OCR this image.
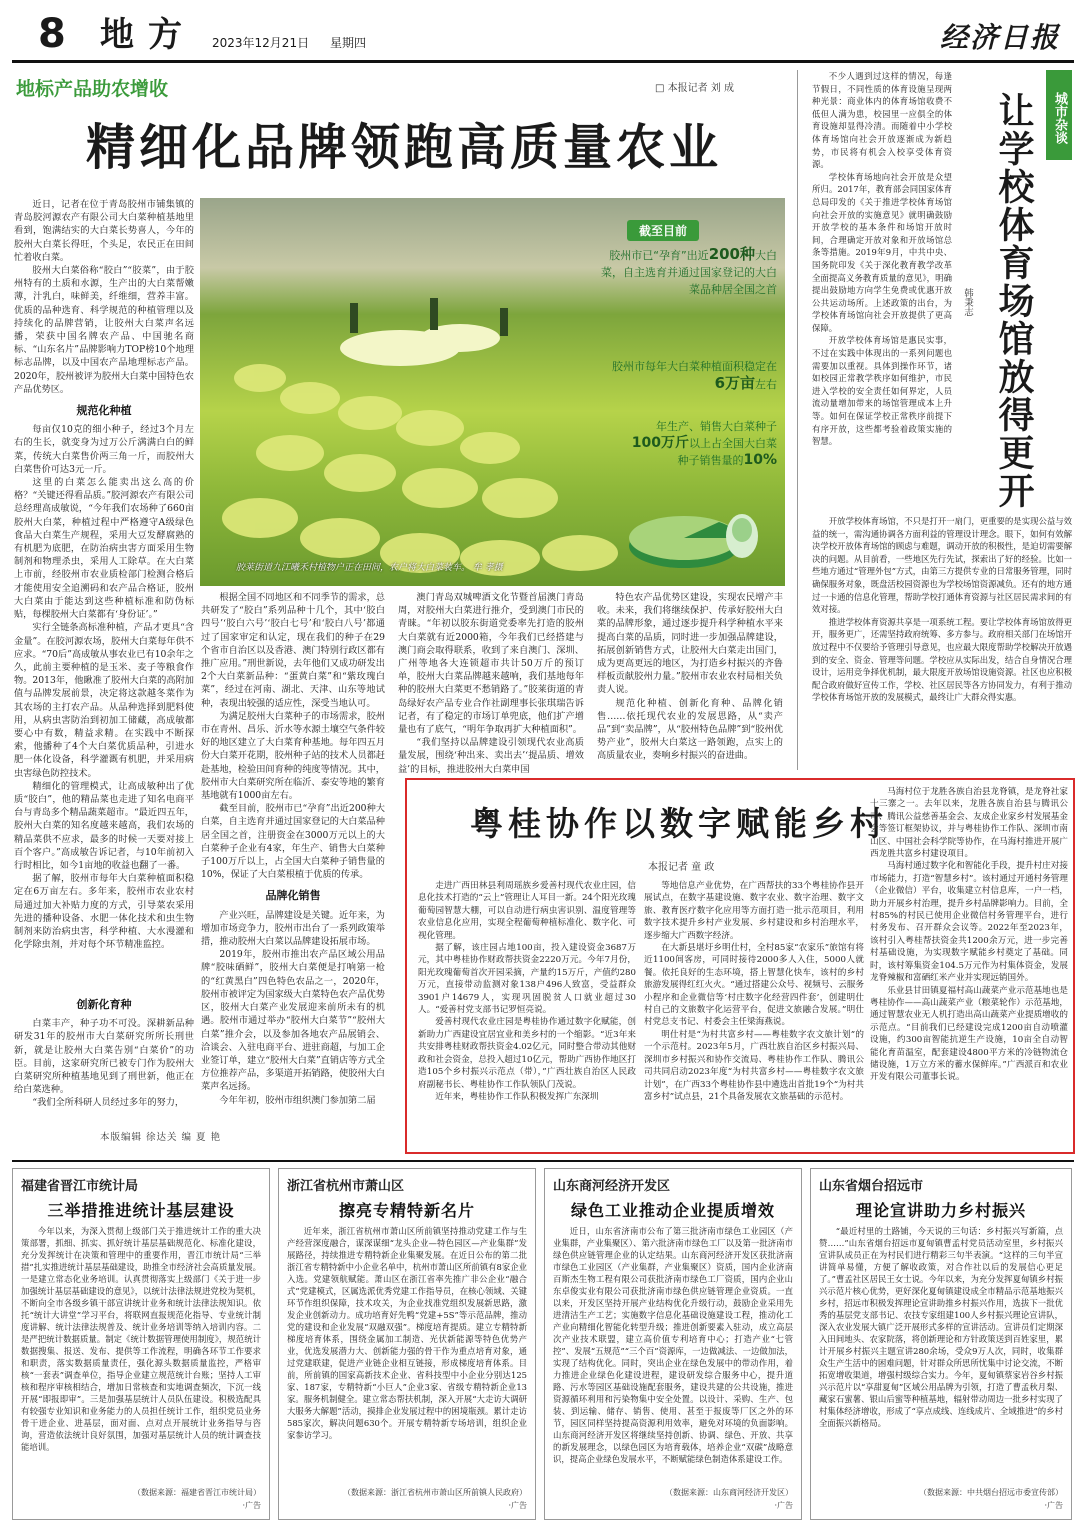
8 地方 2023年12月21日 星期四	经济日报
地标产品助农增收	□ 本报记者 刘 成
精细化品牌领跑高质量农业

近日，记者在位于青岛胶州市铺集镇的青岛胶河源农产有限公司大白菜种植基地里看到，饱满结实的大白菜长势喜人，今年的胶州大白菜长得旺，个头足，农民正在田间忙着收白菜。

胶州大白菜俗称“胶白”“胶菜”，由于胶州特有的土质和水源，生产出的大白菜帮嫩薄，汁乳白，味鲜美，纤维细，营养丰富。优质的品种选育、科学规范的种植管理以及持续化的品牌营销，让胶州大白菜声名远播，荣获中国名牌农产品、中国驰名商标、“山东名片”品牌影响力TOP榜10个地理标志品牌，以及中国农产品地理标志产品。2020年，胶州被评为胶州大白菜中国特色农产品优势区。

规范化种植

每亩仅10克的细小种子，经过3个月左右的生长，就变身为过万公斤满满白白的鲜菜，传统大白菜售价两三角一斤，而胶州大白菜售价可达3元一斤。

这里的白菜怎么能卖出这么高的价格？“关键还得看品质。”胶河源农产有限公司总经理高成敏说，“今年我们农场种了660亩胶州大白菜，种植过程中严格遵守A级绿色食品大白菜生产规程，采用大豆发酵腐熟的有机肥为底肥，在防治病虫害方面采用生物制剂和物理杀虫，采用人工除草。在大白菜上市前，经胶州市农业质检部门检测合格后才能使用安全追溯码和农产品合格证，胶州大白菜由于能达到这些种植标准和防伪标贴，每棵胶州大白菜都有‘身份证’。”

实行全链条高标准种植，产品才更具“含金量”。在胶河源农场，胶州大白菜每年供不应求。“70后”高成敏从事农业已有10余年之久，此前主要种植的是玉米、麦子等粮食作物。2013年，他瞅准了胶州大白菜的高附加值与品牌发展前景，决定将这款越冬菜作为其农场的主打农产品。从品种选择到肥料使用，从病虫害防治到初加工储藏，高成敏都要心中有数，精益求精。在实践中不断探索，他播种了4个大白菜优质品种，引进水肥一体化设备，科学灌溉有机肥，并采用病虫害绿色防控技术。

精细化的管理模式，让高成敏种出了优质“胶白”，他的精品菜也走进了知名电商平台与青岛多个精品蔬菜超市。“最近四五年，胶州大白菜的知名度越来越高，我们农场的精品菜供不应求，最多的时候一天要对接上百个客户。”高成敏告诉记者，与10年前初入行时相比，如今1亩地的收益也翻了一番。

据了解，胶州市每年大白菜种植面积稳定在6万亩左右。多年来，胶州市农业农村局通过加大补贴力度的方式，引导菜农采用先进的播种设备、水肥一体化技术和虫生物制剂来防治病虫害，科学种植、大水漫灌和化学除虫剂，并对每个环节精准监控。

创新化育种

白菜丰产，种子功不可没。深耕新品种研发31年的胶州市大白菜研究所所长刑世新，就是让胶州大白菜告别“白菜价”的功臣。目前，这家研究所已被专门作为胶州大白菜研究所种植基地见到了刑世新，他正在给白菜选种。

“我们全所科研人员经过多年的努力，

截至目前
胶州市已“孕育”出近200种大白菜，自主选育并通过国家登记的大白菜品种居全国之首
胶州市每年大白菜种植面积稳定在6万亩左右
年生产、销售大白菜种子100万斤以上占全国大白菜种子销售量的10%
胶莱街道九江曦禾村植物户正在田间，农户将大白菜装车。 牟 孝摄

根据全国不同地区和不同季节的需求，总共研发了“胶白”系列品种十几个，其中‘胶白四号’‘胶白六号’‘胶白七号’和‘胶白八号’都通过了国家审定和认定，现在我们的种子在29个省市自治区以及香港、澳门特别行政区都有推广应用。”刑世新说，去年他们又成功研发出2个大白菜新品种：“蛋黄白菜”和“紫玫瑰白菜”，经过在河南、湖北、天津、山东等地试种，表现出较强的适应性，深受当地认可。

为满足胶州大白菜种子的市场需求，胶州市在青州、昌乐、沂水等水源土壤空气条件较好的地区建立了大白菜育种基地。每年四五月份大白菜开花期，胶州种子站的技术人员都赶赴基地，检验田间育种的纯度等情况。其中，胶州市大白菜研究所在临沂、泰安等地的繁育基地就有1000亩左右。

截至目前，胶州市已“孕育”出近200种大白菜，自主选育并通过国家登记的大白菜品种居全国之首，注册资金在3000万元以上的大白菜种子企业有4家，年生产、销售大白菜种子100万斤以上，占全国大白菜种子销售量的10%，保证了大白菜根植于优质的传承。

品牌化销售

产业兴旺，品牌建设是关键。近年来，为增加市场竞争力，胶州市出台了一系列政策举措，推动胶州大白菜以品牌建设拓展市场。

2019年，胶州市推出农产品区域公用品牌“胶味硒鲜”，胶州大白菜便是打响第一枪的“红黄黑白”四色特色农品之一，2020年，胶州市被评定为国家级大白菜特色农产品优势区，胶州大白菜产业发展迎来前所未有的机遇。胶州市通过举办“胶州大白菜节”“胶州大白菜”推介会，以及参加各地农产品展销会、洽谈会、入驻电商平台、进驻商超，与加工企业签订单，建立“胶州大白菜”直销店等方式全方位推荐产品，多渠道开拓销路，使胶州大白菜声名远扬。

今年年初，胶州市组织澳门参加第二届

澳门青岛双城啤酒文化节暨首届澳门青岛周，对胶州大白菜进行推介，受到澳门市民的青睐。“年初以胶东街道党委率先打造的胶州大白菜就有近2000箱，今年我们已经搭建与澳门商会取得联系，收到了来自澳门、深圳、广州等地各大连锁超市共计50万斤的预订单，胶州大白菜品牌越来越响，我们基地每年种的胶州大白菜更不愁销路了。”胶莱街道的青岛绿好农产品专业合作社副理事长张琪瑞告诉记者，有了稳定的市场订单兜底，他们扩产增量也有了底气，“明年争取再扩大种植面积”。

“我们坚持以品牌建设引领现代农业高质量发展，围绕‘种出来、卖出去’‘提品质、增效益’的目标，推进胶州大白菜申国

特色农产品优势区建设，实现农民增产丰收。未来，我们将继续保护、传承好胶州大白菜的品牌形象，通过逐步提升科学种植水平来提高白菜的品质，同时进一步加强品牌建设，拓展创新销售方式，让胶州大白菜走出国门，成为更高更远的地区，为打造乡村振兴的齐鲁样板贡献胶州力量。”胶州市农业农村局相关负责人说。

规范化种植、创新化育种、品牌化销售……依托现代农业的发展思路，从“卖产品”到“卖品牌”，从“胶州特色品牌”到“胶州优势产业”，胶州大白菜这一路领跑，点实上的高质量农业，奏响乡村振兴的奋进曲。

本版编辑 徐达关 编 夏 艳
城市杂谈
让学校体育场馆放得更开
韩秉志

不少人遇到过这样的情况，每逢节假日，不同性质的体育设施呈现两种光景：商业体内的体育场馆收费不低但人满为患，校园里一应俱全的体育设施却显得冷清。而随着中小学校体育场馆向社会开放逐渐成为新趋势，市民将有机会入校享受体育资源。

学校体育场地向社会开放是众望所归。2017年，教育部会同国家体育总局印发的《关于推进学校体育场馆向社会开放的实施意见》就明确鼓励开放学校的基本条件和场馆开放时间，合理确定开放对象和开放场馆总条等措施。2019年9月，中共中央、国务院印发《关于深化教育教学改革全面提高义务教育质量的意见》，明确提出鼓励地方向学生免费或优惠开放公共运动场所。上述政策的出台，为学校体育场馆向社会开放提供了更高保障。

开放学校体育场馆是惠民实事，不过在实践中体现出的一系列问题也需要加以重视。具体到操作环节，诸如校园正常教学秩序如何维护，市民进入学校的安全责任如何界定，人员流动量增加带来的场馆管理成本上升等。如何在保证学校正常秩序前提下有序开放，这些都考验着政策实施的智慧。

开放学校体育场馆，不只是打开一扇门，更重要的是实现公益与效益的统一，需沟通协调各方面利益的管理设计理念。眼下，如何有效解决学校开放体育场馆的顾虑与难题，调动开放的积极性，是迫切需要解决的问题。从目前看，一些地区先行先试，探索出了好的经验。比如一些地方通过“管理外包”方式，由第三方提供专业的日常服务管理，同时确保服务对象，既盘活校园资源也为学校场馆资源减负。还有的地方通过一卡通的信息化管理，帮助学校打通体育资源与社区居民需求间的有效对接。

推进学校体育资源共享是一项系统工程。要让学校体育场馆放得更开，服务更广，还需坚持政府统筹、多方参与。政府相关部门在场馆开放过程中不仅要给予管理引导意见，也应最大限度帮助学校解决开放遇到的安全、资金、管理等问题。学校应从实际出发，结合自身情况合理设计，运用竞争择优机制，最大限度开放场馆设施资源。社区也应积极配合政府做好宣传工作，学校、社区居民等各方协同发力，有利于推动学校体育场馆开放的发展模式，最终让广大群众得实惠。

粤桂协作以数字赋能乡村
本报记者 童 政

马海村位于龙胜各族自治县龙脊镇，是龙脊社家十三寨之一。去年以来，龙胜各族自治县与腾讯公司、腾讯公益慈善基金会、友成企业家乡村发展基金会等签订框架协议，并与粤桂协作工作队、深圳市南山区、中国社会科学院等协作，在马海村推进开展广西龙胜共富乡村建设项目。

马海村通过数字化和智能化手段，提升村庄对接市场能力，打造“智慧乡村”。该村通过开通村务管理（企业微信）平台，收集建立村信息库，一户一档，助力开展乡村治理，提升乡村品牌影响力。目前，全村85%的村民已使用企业微信村务管理平台，进行村务发布、召开群众会议等。2022年至2023年，该村引入粤桂帮扶资金共1200余万元，进一步完善村基础设施，为实现数字赋能乡村奠定了基础。同时，该村筹集资金104.5万元作为村集体资金，发展龙脊辣椒和富硒红米产业并实现远销国外。

乐业县甘田镇夏福村高山蔬菜产业示范基地也是粤桂协作——高山蔬菜产业（粮菜轮作）示范基地，通过智慧农业无人机打造出高山蔬菜产业提质增收的示范点。“目前我们已经建设完成1200亩自动喷灌设施，约300亩智能抗逆生产设施，10亩全自动智能化育苗温室，配套建设4800平方米的冷链物流仓储设施，1万立方米的蓄水保鲜库。”广西派百和农业开发有限公司董事长说。

走进广西田林县利周瑶族乡爱善村现代农业庄园，信息化技术打造的“云上”管理让人耳目一新。24个阳光玫瑰葡萄园智慧大棚，可以自动进行病虫害识别、温度管理等农业信息化应用，实现全程葡萄种植标准化、数字化、可视化管理。

据了解，该庄园占地100亩，投入建设资金3687万元，其中粤桂协作财政帮扶资金2220万元。今年7月份，阳光玫瑰葡萄首次开园采摘，产量约15万斤，产值约280万元，直接带动监测对象138户496人致富，受益群众3901户14679人，实现巩固脱贫人口就业超过30人。“爱善村党支部书记罗恒亮说。

爱善村现代农业庄园是粤桂协作通过数字化赋能，创新助力广西建设宜居宜业和美乡村的一个缩影。“近3年来共安排粤桂财政帮扶资金4.02亿元，同时整合带动其他财政和社会资金，总投入超过10亿元，帮助广西协作地区打造105个乡村振兴示范点（带），”广西壮族自治区人民政府副秘书长、粤桂协作工作队领队门茂说。

近年来，粤桂协作工作队积极发挥广东深圳

等地信息产业优势，在广西帮扶的33个粤桂协作县开展试点，在数字基建设施、数字农业、数字治理、数字文旅、教育医疗数字化应用等方面打造一批示范项目，利用数字技术提升乡村产业发展、乡村建设和乡村治理水平，逐步缩大广西数字经济。

在大新县堪圩乡明仕村，全村85家“农家乐”旅馆有将近1100间客房，可同时接待2000多人入住，5000人就餐。依托良好的生态环境，搭上智慧化快车，该村的乡村旅游发展得红红火火。“通过搭建公众号、视频号、云服务小程序和企业微信等‘村庄数字化经营四件套’，创建明仕村自己的文旅数字化运营平台，促进文旅融合发展。”明仕村党总支书记、村委会主任梁海燕说。

明仕村是“为村共富乡村——粤桂数字农文旅计划”的一个示范村。2023年5月，广西壮族自治区乡村振兴局、深圳市乡村振兴和协作交流局、粤桂协作工作队、腾讯公司共同启动2023年度“为村共富乡村——粤桂数字农文旅计划”，在广西33个粤桂协作县中遴选出首批19个“为村共富乡村”试点县，21个具备发展农文旅基础的示范村。

福建省晋江市统计局
三举措推进统计基层建设
今年以来，为深入贯彻上级部门关于推进统计工作的重大决策部署，抓细、抓实、抓好统计基层基础规范化、标准化建设，充分发挥统计在决策和管理中的重要作用，晋江市统计局“三举措”扎实推进统计基层基础建设，助推全市经济社会高质量发展。一是建立常态化业务培训。认真贯彻落实上级部门《关于进一步加强统计基层基础建设的意见》，以统计法律法规进党校为契机，不断向全市各级乡镇干部宣讲统计业务和统计法律法规知识。依托“统计大讲堂”学习平台，将联网直报规范化指导、专业统计制度讲解、统计法律法规普及、统计业务培训等纳入培训内容。二是严把统计数据质量。制定《统计数据管理使用制度》，规范统计数据搜集、报送、发布、提供等工作流程，明确各环节工作要求和职责，落实数据质量责任，强化源头数据质量监控，严格审核“一套表”调查单位，指导企业建立规范统计台账；坚持人工审核和程序审核相结合，增加日常核查和实地调查频次，下沉一线开展“即报即审”。三是加强基层统计人员队伍建设。积极选配具有较强专业知识和业务能力的人员担任统计工作，组织党员业务骨干进企业、进基层，面对面、点对点开展统计业务指导与咨询，营造依法统计良好氛围，加强对基层统计人员的统计调查技能培训。
（数据来源：福建省晋江市统计局）
·广告
浙江省杭州市萧山区
擦亮专精特新名片
近年来，浙江省杭州市萧山区所前镇坚持推动党建工作与生产经营深度融合，谋深谋细“龙头企业—特色园区—产业集群”发展路径，持续推进专精特新企业集聚发展。在近日公布的第二批浙江省专精特新中小企业名单中，杭州市萧山区所前镇有8家企业入选。党建领航赋能。萧山区在浙江省率先推广非公企业“融合式”党建模式，区属选派优秀党建工作指导员，在核心领域、关键环节作组织保障，技术攻关，为企业找准党组织发展新思路，激发企业创新动力。成功培育好先鸭“党建+5S”等示范品牌，推动党的建设和企业发展“双融双强”。梯度培育提质。建立专精特新梯度培育体系，围绕金属加工制造、光伏新能源等特色优势产业，优选发展潜力大、创新能力强的骨干作为重点培育对象，通过党建联建，促进产业链企业相互链接，形成梯度培育体系。目前，所前镇的国家高新技术企业、省科技型中小企业分别达125家、187家，专精特新“小巨人”企业3家、省级专精特新企业13家。服务机制健全。建立常态帮扶机制，深入开展“大走访大调研大服务大解题”活动，摸排企业发展过程中的困境瓶颈。累计走访585家次，解决问题630个。开展专精特新专场培训，组织企业家参访学习。
（数据来源：浙江省杭州市萧山区所前镇人民政府）
·广告
山东商河经济开发区
绿色工业推动企业提质增效
近日，山东省济南市公布了第三批济南市绿色工业园区（产业集群，产业集聚区）、第六批济南市绿色工厂以及第一批济南市绿色供应链管理企业的认定结果。山东商河经济开发区获批济南市绿色工业园区（产业集群，产业集聚区）资质，国内企业济南百斯杰生物工程有限公司获批济南市绿色工厂资质，国内企业山东卓俊实业有限公司获批济南市绿色供应链管理企业资质。一直以来，开发区坚持开展产业结构优化升级行动，鼓励企业采用先进清洁生产工艺；实施数字信息化基础设施建设工程，推动化工产业向精细化智能化转型升级；推进创新要素入驻动，成立高层次产业技术联盟，建立高价值专利培育中心；打造产业“七管控”、发展“五规范”“三个百”资源库，一边做减法、一边做加法，实现了结构优化。同时，突出企业在绿色发展中的带动作用，着力推进企业绿色化建设进程，建设研发综合服务中心，提升道路、污水等园区基础设施配套服务，建设共建的公共设施，推进资源循环利用和污染物集中安全处置。以设计、采购、生产、包装、到运输、储存、销售、使用、甚至于报废等厂区之外的环节，园区同样坚持提高资源利用效率，避免对环境的负面影响。山东商河经济开发区将继续坚持创新、协调、绿色、开放、共享的新发展理念，以绿色园区为培育载体，培养企业“双碳”战略意识，提高企业绿色发展水平，不断赋能绿色制造体系建设工作。
（数据来源：山东商河经济开发区）
·广告
山东省烟台招远市
理论宣讲助力乡村振兴
“最近村里的土路铺，今天说的三句话：乡村振兴写新篇，点赞……”山东省烟台招远市夏甸镇曹孟村党员活动室里，乡村振兴宣讲队成员正在为村民们进行精彩三句半表演。“这样的三句半宣讲简单易懂，方便了解收政策，对合作社以后的发展信心更足了。”曹孟社区居民王女士说。今年以来，为充分发挥夏甸镇乡村振兴示范片核心优势，更好深化夏甸镇建设成全市精品示范基地振兴乡村，招远市积极发挥理论宣讲助推乡村振兴作用，选拔下一批优秀的基层党支部书记、农技专家组建100人乡村振兴理论宣讲队，深入农业发展大镇广泛开展形式多样的宣讲活动。宣讲员们定期深入田间地头、农家院落，将创新理论和方针政策送到百姓家里，累计开展乡村振兴主题宣讲280余场，受众9万人次，同时，收集群众生产生活中的困难问题，针对群众所思所忧集中讨论交流，不断拓宽增收渠道，增强村级综合实力。今年，夏甸镇蔡家岩谷乡村振兴示范片以“享甜夏甸”区域公用品牌为引领，打造了曹孟秋月梨、藏家石蜜薯、银山后蜜等种植基地，辐射带动周边一批乡村实现了村集体经济增收，形成了“享点成线、连线成片、全域推进”的乡村全面振兴新格局。
（数据来源：中共烟台招远市委宣传部）
·广告
